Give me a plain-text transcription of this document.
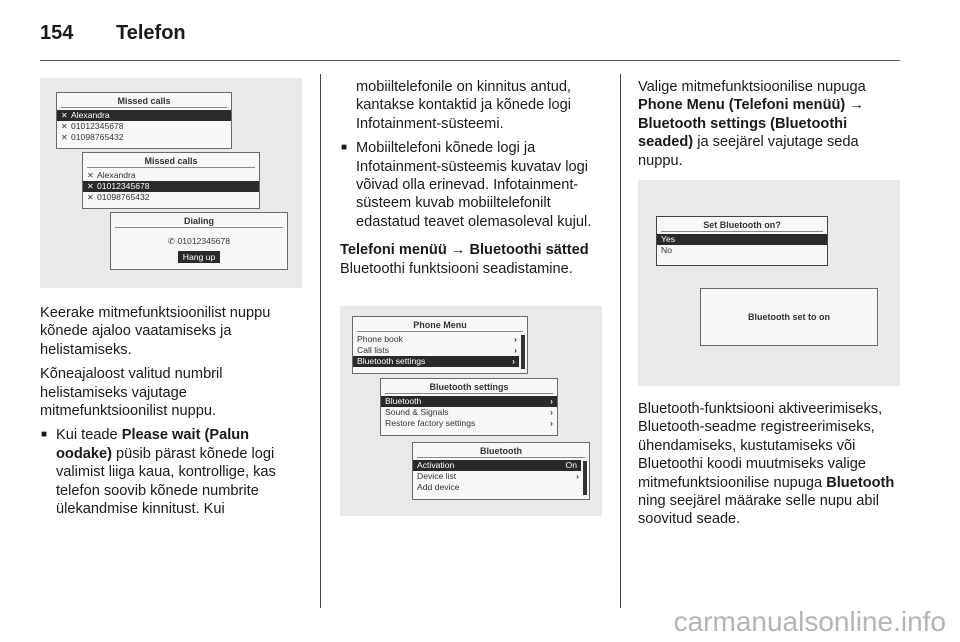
154	Telefon
Missed calls
✕ Alexandra
✕ 01012345678
✕ 01098765432
Missed calls
✕ Alexandra
✕ 01012345678
✕ 01098765432
Dialing
✆ 01012345678
Hang up

Keerake mitmefunktsioonilist nuppu kõnede ajaloo vaatamiseks ja helistamiseks.

Kõneajaloost valitud numbril helistamiseks vajutage mitmefunktsioonilist nuppu.

■ Kui teade Please wait (Palun oodake) püsib pärast kõnede logi valimist liiga kaua, kontrollige, kas telefon soovib kõnede numbrite ülekandmise kinnitust. Kui
mobiiltelefonile on kinnitus antud, kantakse kontaktid ja kõnede logi Infotainment-süsteemi.
■ Mobiiltelefoni kõnede logi ja Infotainment-süsteemis kuvatav logi võivad olla erinevad. Infotainment-süsteem kuvab mobiiltelefonilt edastatud teavet olemasoleval kujul.

Telefoni menüü → Bluetoothi sätted

Bluetoothi funktsiooni seadistamine.

Phone Menu
Phone book	›
Call lists	›
Bluetooth settings	›
Bluetooth settings
Bluetooth	›
Sound & Signals	›
Restore factory settings	›
Bluetooth
Activation	On
Device list	›
Add device

Valige mitmefunktsioonilise nupuga Phone Menu (Telefoni menüü) → Bluetooth settings (Bluetoothi seaded) ja seejärel vajutage seda nuppu.

Set Bluetooth on?
Yes
No
Bluetooth set to on

Bluetooth-funktsiooni aktiveerimiseks, Bluetooth-seadme registreerimiseks, ühendamiseks, kustutamiseks või Bluetoothi koodi muutmiseks valige mitmefunktsioonilise nupuga Bluetooth ning seejärel määrake selle nupu abil soovitud seade.

carmanualsonline.info
